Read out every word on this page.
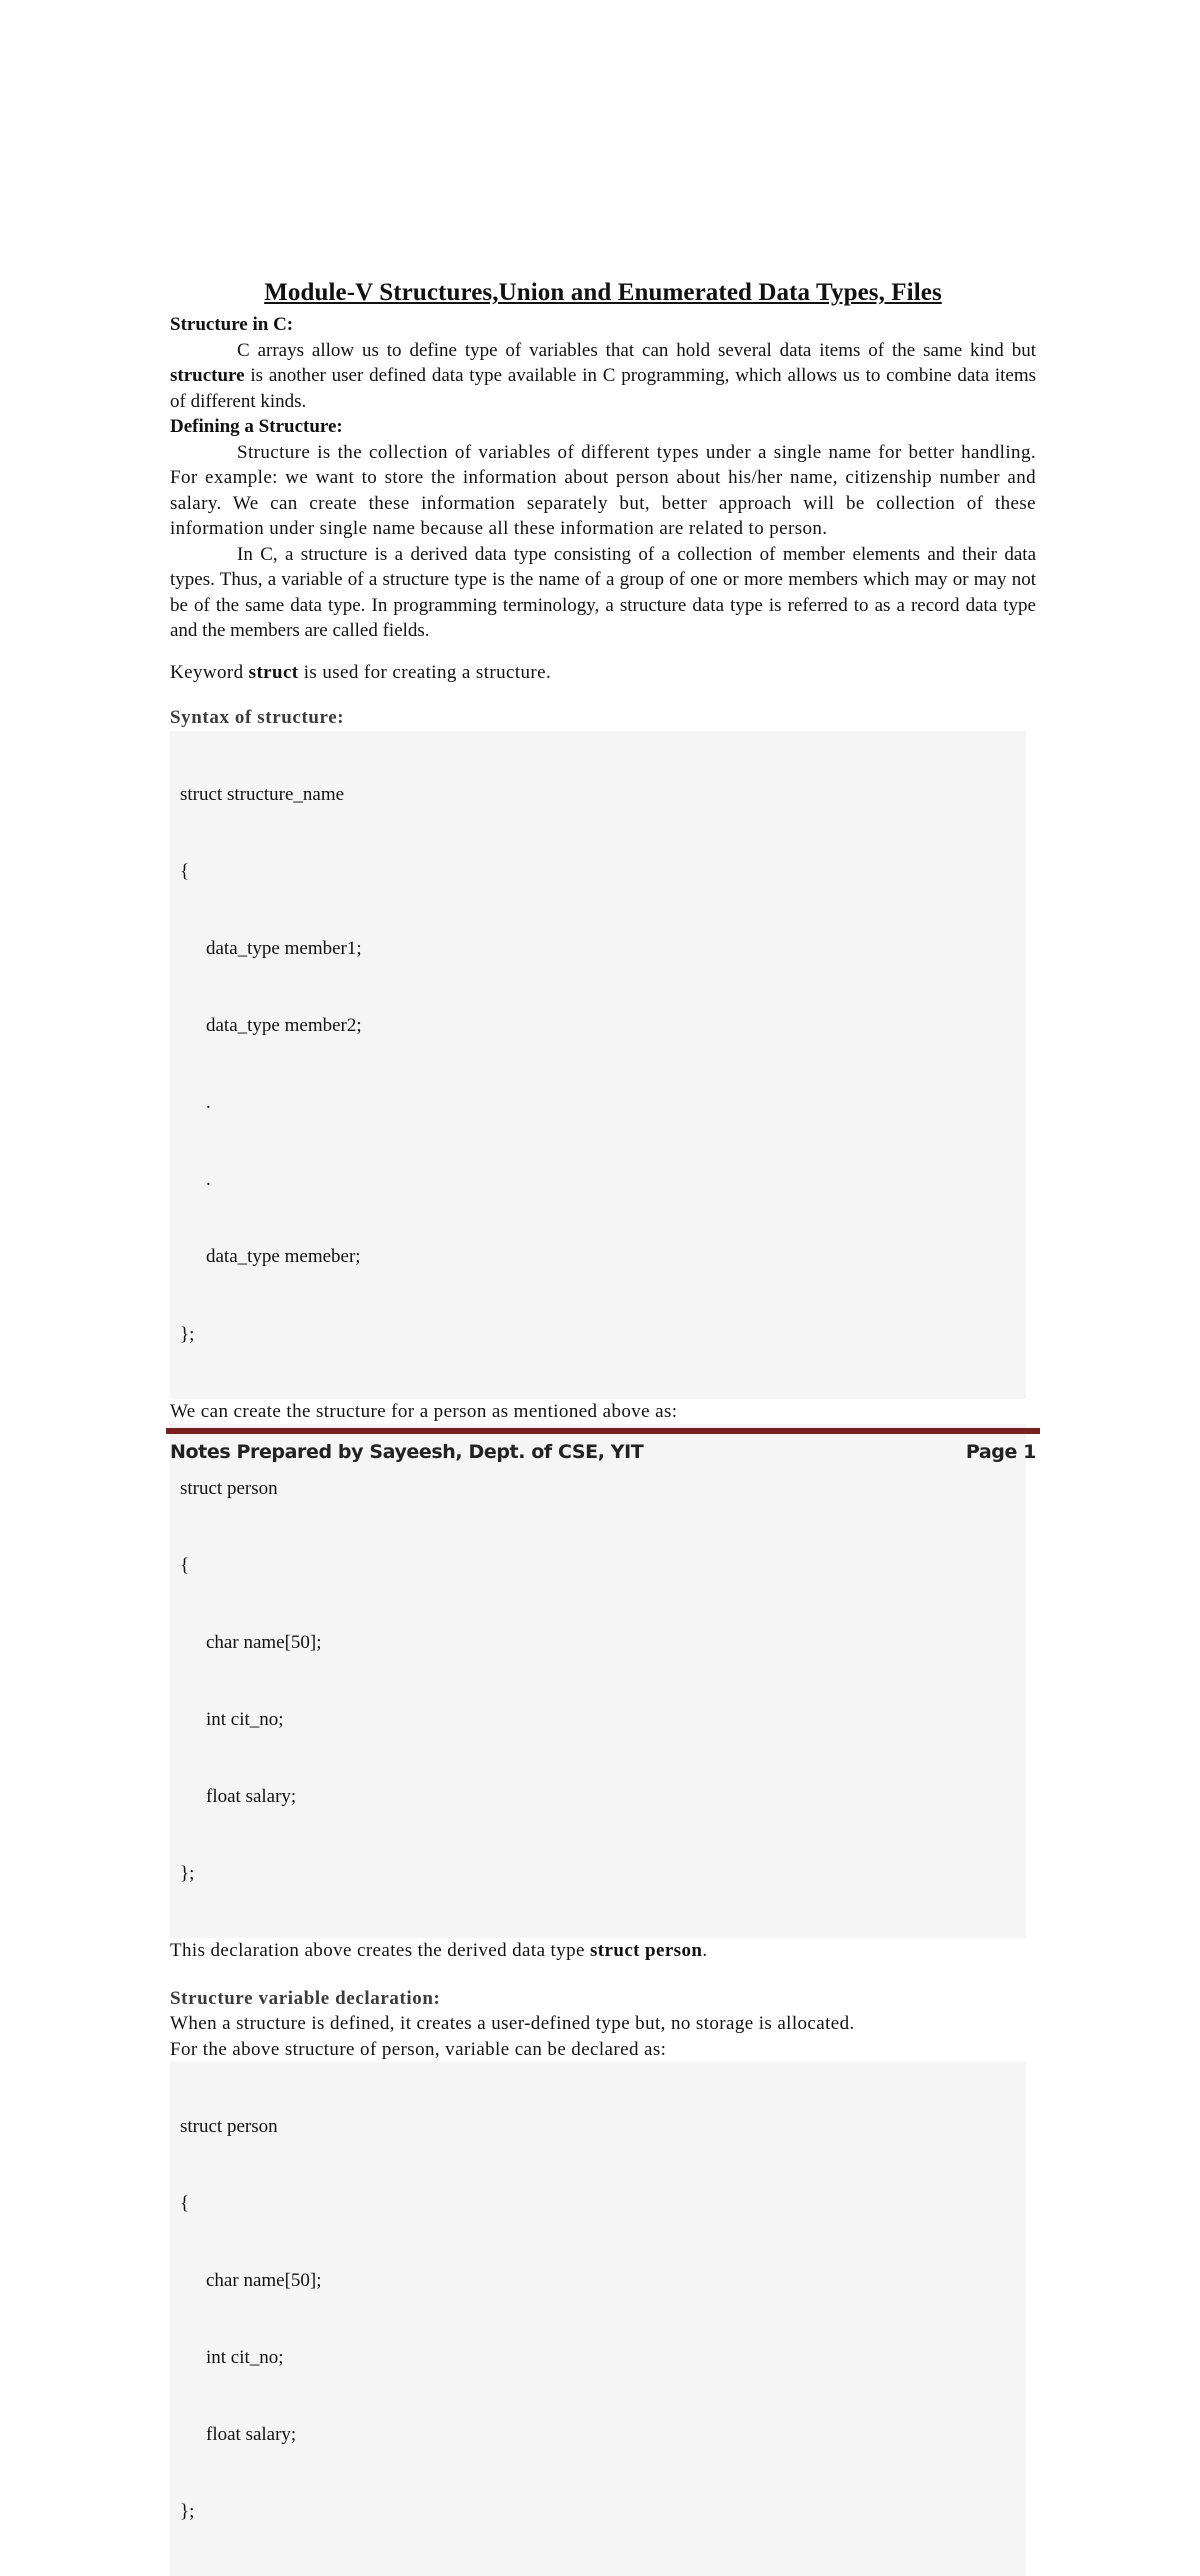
Module-V Structures,Union and Enumerated Data Types, Files
Structure in C:

C arrays allow us to define type of variables that can hold several data items of the same kind but structure is another user defined data type available in C programming, which allows us to combine data items of different kinds.

Defining a Structure:

Structure is the collection of variables of different types under a single name for better handling. For example: we want to store the information about person about his/her name, citizenship number and salary. We can create these information separately but, better approach will be collection of these information under single name because all these information are related to person.

In C, a structure is a derived data type consisting of a collection of member elements and their data types. Thus, a variable of a structure type is the name of a group of one or more members which may or may not be of the same data type. In programming terminology, a structure data type is referred to as a record data type and the members are called fields.

Keyword struct is used for creating a structure.

Syntax of structure:

struct structure_name

{

data_type member1;

data_type member2;

.

.

data_type memeber;

};

We can create the structure for a person as mentioned above as:

struct person

{

char name[50];

int cit_no;

float salary;

};

This declaration above creates the derived data type struct person.

Structure variable declaration:

When a structure is defined, it creates a user-defined type but, no storage is allocated.

For the above structure of person, variable can be declared as:

struct person

{

char name[50];

int cit_no;

float salary;

};

Notes Prepared by Sayeesh, Dept. of CSE, YIT	Page 1
